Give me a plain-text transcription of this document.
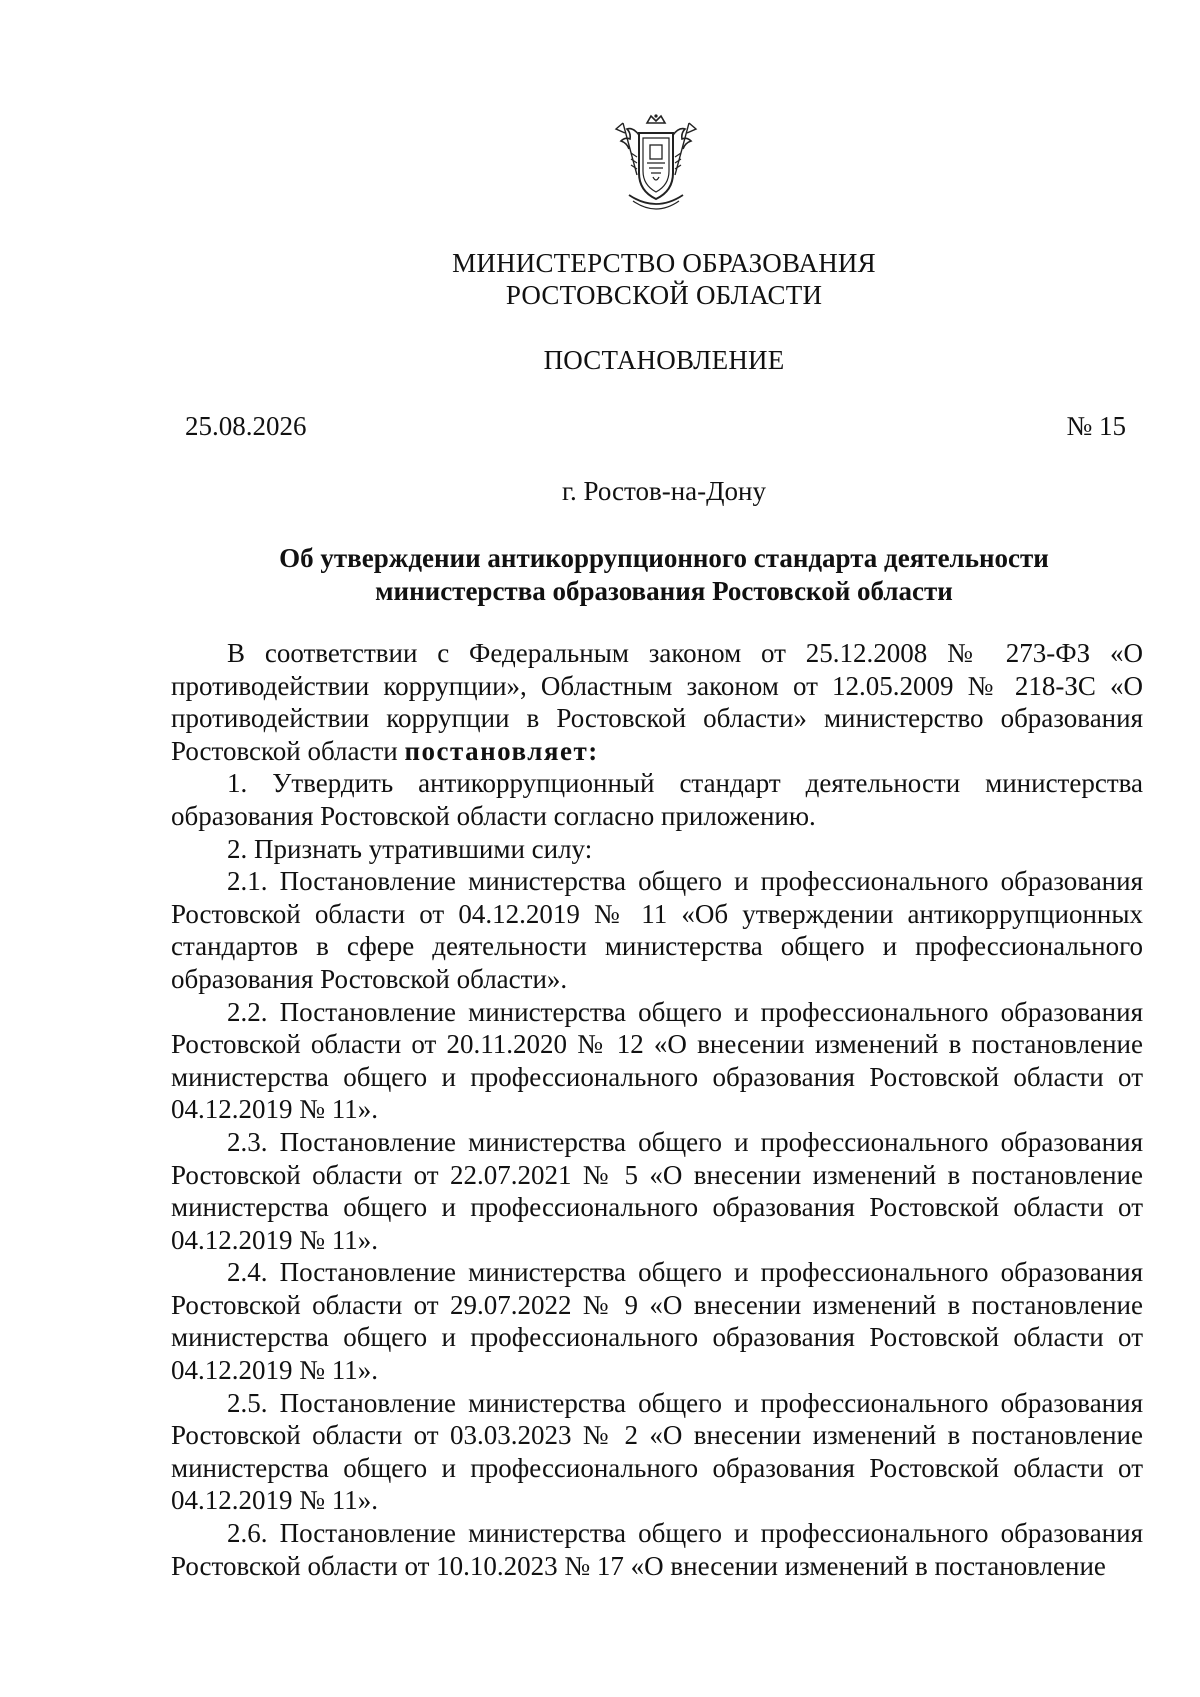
МИНИСТЕРСТВО ОБРАЗОВАНИЯ
РОСТОВСКОЙ ОБЛАСТИ
ПОСТАНОВЛЕНИЕ
25.08.2026	№ 15
г. Ростов-на-Дону
Об утверждении антикоррупционного стандарта деятельности
министерства образования Ростовской области

В соответствии с Федеральным законом от 25.12.2008 № 273-ФЗ «О противодействии коррупции», Областным законом от 12.05.2009 № 218-ЗС «О противодействии коррупции в Ростовской области» министерство образования Ростовской области постановляет:

1. Утвердить антикоррупционный стандарт деятельности министерства образования Ростовской области согласно приложению.

2. Признать утратившими силу:

2.1. Постановление министерства общего и профессионального образования Ростовской области от 04.12.2019 № 11 «Об утверждении антикоррупционных стандартов в сфере деятельности министерства общего и профессионального образования Ростовской области».

2.2. Постановление министерства общего и профессионального образования Ростовской области от 20.11.2020 № 12 «О внесении изменений в постановление министерства общего и профессионального образования Ростовской области от 04.12.2019 № 11».

2.3. Постановление министерства общего и профессионального образования Ростовской области от 22.07.2021 № 5 «О внесении изменений в постановление министерства общего и профессионального образования Ростовской области от 04.12.2019 № 11».

2.4. Постановление министерства общего и профессионального образования Ростовской области от 29.07.2022 № 9 «О внесении изменений в постановление министерства общего и профессионального образования Ростовской области от 04.12.2019 № 11».

2.5. Постановление министерства общего и профессионального образования Ростовской области от 03.03.2023 № 2 «О внесении изменений в постановление министерства общего и профессионального образования Ростовской области от 04.12.2019 № 11».

2.6. Постановление министерства общего и профессионального образования Ростовской области от 10.10.2023 № 17 «О внесении изменений в постановление
